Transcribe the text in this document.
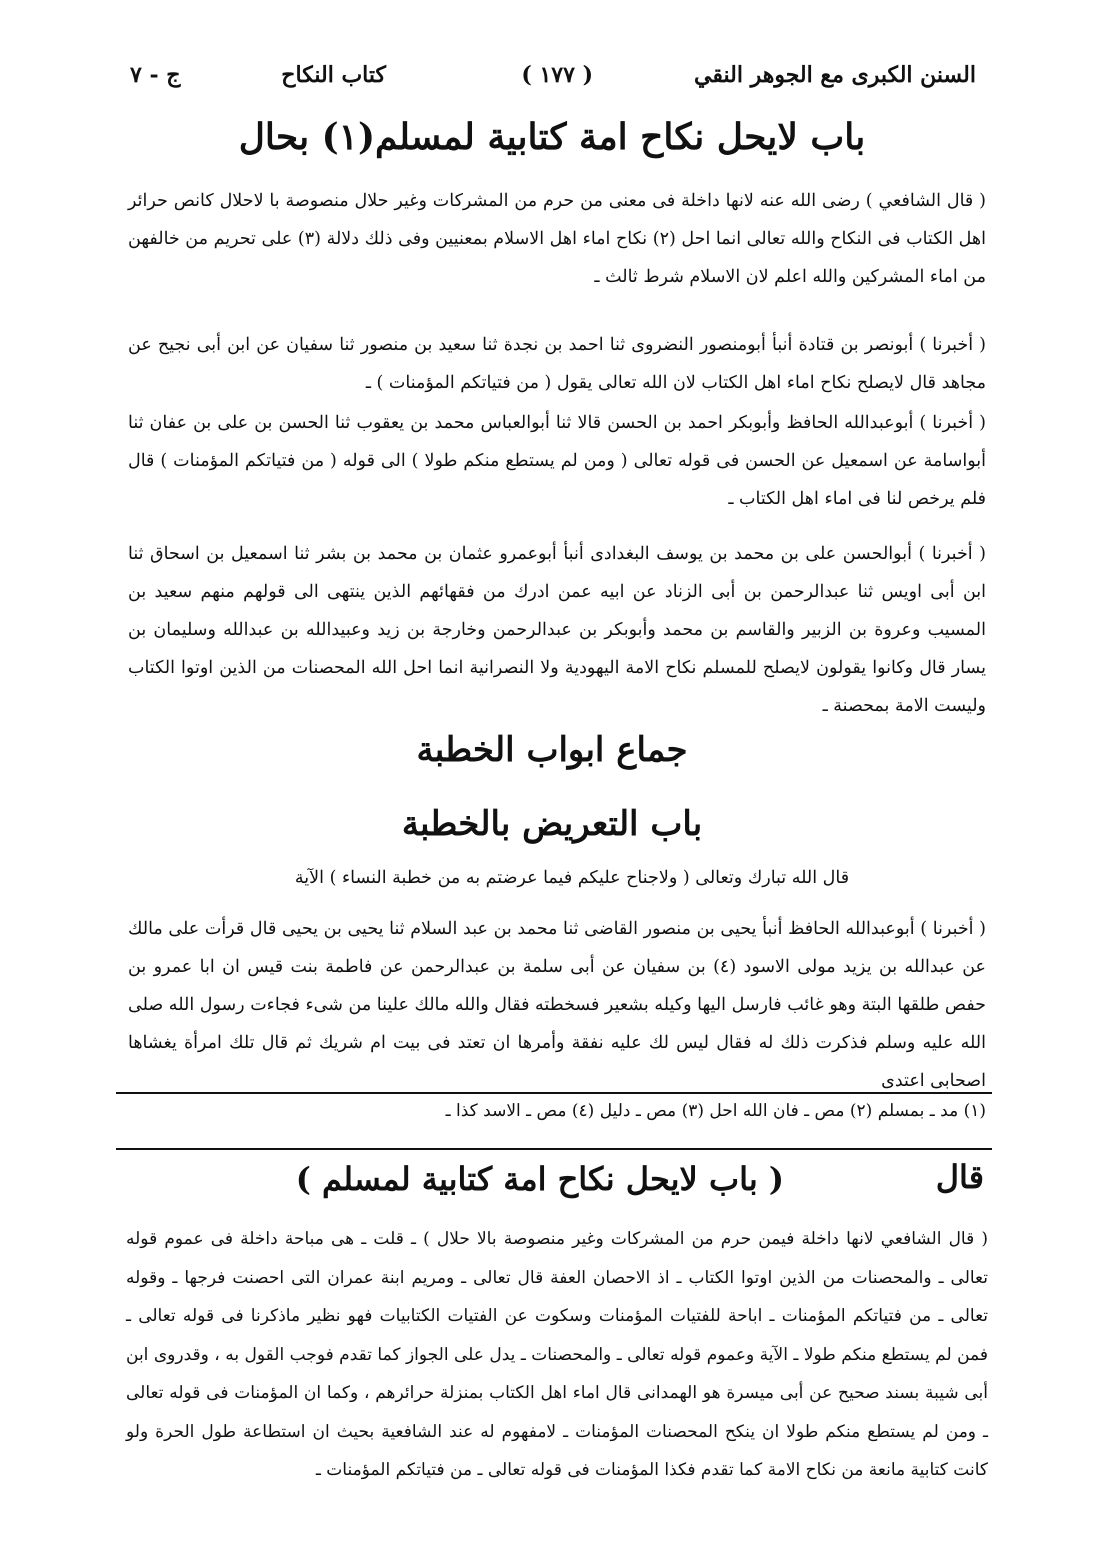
السنن الكبرى مع الجوهر النقي
( ١٧٧ )
كتاب النكاح
ج - ٧
باب لايحل نكاح امة كتابية لمسلم(١) بحال
( قال الشافعي ) رضى الله عنه لانها داخلة فى معنى من حرم من المشركات وغير حلال منصوصة با لاحلال كانص حرائر اهل الكتاب فى النكاح والله تعالى انما احل (٢) نكاح اماء اهل الاسلام بمعنيين وفى ذلك دلالة (٣) على تحريم من خالفهن من اماء المشركين والله اعلم لان الاسلام شرط ثالث ـ
( أخبرنا ) أبونصر بن قتادة أنبأ أبومنصور النضروى ثنا احمد بن نجدة ثنا سعيد بن منصور ثنا سفيان عن ابن أبى نجيح عن مجاهد قال لايصلح نكاح اماء اهل الكتاب لان الله تعالى يقول ( من فتياتكم المؤمنات ) ـ
( أخبرنا ) أبوعبدالله الحافظ وأبوبكر احمد بن الحسن قالا ثنا أبوالعباس محمد بن يعقوب ثنا الحسن بن على بن عفان ثنا أبواسامة عن اسمعيل عن الحسن فى قوله تعالى ( ومن لم يستطع منكم طولا ) الى قوله ( من فتياتكم المؤمنات ) قال فلم يرخص لنا فى اماء اهل الكتاب ـ
( أخبرنا ) أبوالحسن على بن محمد بن يوسف البغدادى أنبأ أبوعمرو عثمان بن محمد بن بشر ثنا اسمعيل بن اسحاق ثنا ابن أبى اويس ثنا عبدالرحمن بن أبى الزناد عن ابيه عمن ادرك من فقهائهم الذين ينتهى الى قولهم منهم سعيد بن المسيب وعروة بن الزبير والقاسم بن محمد وأبوبكر بن عبدالرحمن وخارجة بن زيد وعبيدالله بن عبدالله وسليمان بن يسار قال وكانوا يقولون لايصلح للمسلم نكاح الامة اليهودية ولا النصرانية انما احل الله المحصنات من الذين اوتوا الكتاب وليست الامة بمحصنة ـ
جماع ابواب الخطبة
باب التعريض بالخطبة
قال الله تبارك وتعالى ( ولاجناح عليكم فيما عرضتم به من خطبة النساء ) الآية
( أخبرنا ) أبوعبدالله الحافظ أنبأ يحيى بن منصور القاضى ثنا محمد بن عبد السلام ثنا يحيى بن يحيى قال قرأت على مالك عن عبدالله بن يزيد مولى الاسود (٤) بن سفيان عن أبى سلمة بن عبدالرحمن عن فاطمة بنت قيس ان ابا عمرو بن حفص طلقها البتة وهو غائب فارسل اليها وكيله بشعير فسخطته فقال والله مالك علينا من شىء فجاءت رسول الله صلى الله عليه وسلم فذكرت ذلك له فقال ليس لك عليه نفقة وأمرها ان تعتد فى بيت ام شريك ثم قال تلك امرأة يغشاها اصحابى اعتدى
(١) مد ـ بمسلم (٢) مص ـ فان الله احل (٣) مص ـ دليل (٤) مص ـ الاسد كذا ـ
قال
( باب لايحل نكاح امة كتابية لمسلم )
( قال الشافعي لانها داخلة فيمن حرم من المشركات وغير منصوصة بالا حلال ) ـ قلت ـ هى مباحة داخلة فى عموم قوله تعالى ـ والمحصنات من الذين اوتوا الكتاب ـ اذ الاحصان العفة قال تعالى ـ ومريم ابنة عمران التى احصنت فرجها ـ وقوله تعالى ـ من فتياتكم المؤمنات ـ اباحة للفتيات المؤمنات وسكوت عن الفتيات الكتابيات فهو نظير ماذكرنا فى قوله تعالى ـ فمن لم يستطع منكم طولا ـ الآية وعموم قوله تعالى ـ والمحصنات ـ يدل على الجواز كما تقدم فوجب القول به ، وقدروى ابن أبى شيبة بسند صحيح عن أبى ميسرة هو الهمدانى قال اماء اهل الكتاب بمنزلة حرائرهم ، وكما ان المؤمنات فى قوله تعالى ـ ومن لم يستطع منكم طولا ان ينكح المحصنات المؤمنات ـ لامفهوم له عند الشافعية بحيث ان استطاعة طول الحرة ولو كانت كتابية مانعة من نكاح الامة كما تقدم فكذا المؤمنات فى قوله تعالى ـ من فتياتكم المؤمنات ـ
